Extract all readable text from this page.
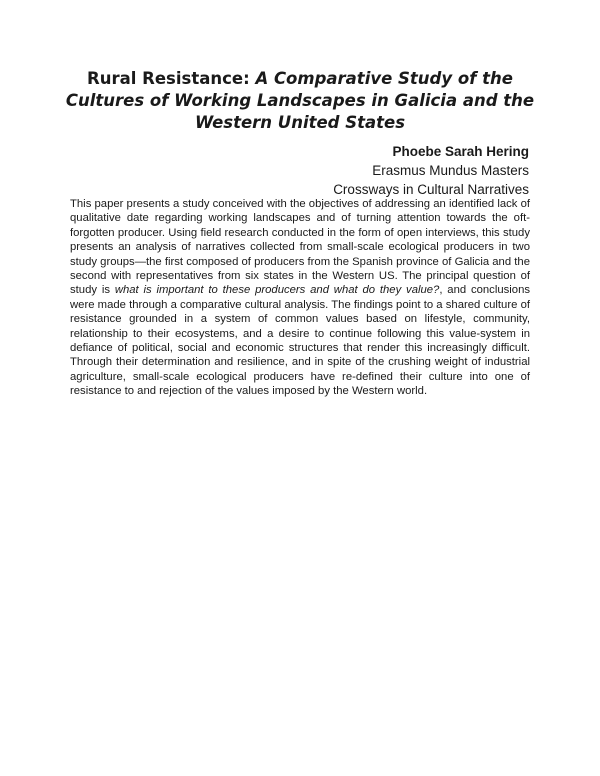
Rural Resistance: A Comparative Study of the Cultures of Working Landscapes in Galicia and the Western United States
Phoebe Sarah Hering
Erasmus Mundus Masters
Crossways in Cultural Narratives

This paper presents a study conceived with the objectives of addressing an identified lack of qualitative date regarding working landscapes and of turning attention towards the oft-forgotten producer. Using field research conducted in the form of open interviews, this study presents an analysis of narratives collected from small-scale ecological producers in two study groups—the first composed of producers from the Spanish province of Galicia and the second with representatives from six states in the Western US. The principal question of study is what is important to these producers and what do they value?, and conclusions were made through a comparative cultural analysis. The findings point to a shared culture of resistance grounded in a system of common values based on lifestyle, community, relationship to their ecosystems, and a desire to continue following this value-system in defiance of political, social and economic structures that render this increasingly difficult. Through their determination and resilience, and in spite of the crushing weight of industrial agriculture, small-scale ecological producers have re-defined their culture into one of resistance to and rejection of the values imposed by the Western world.
